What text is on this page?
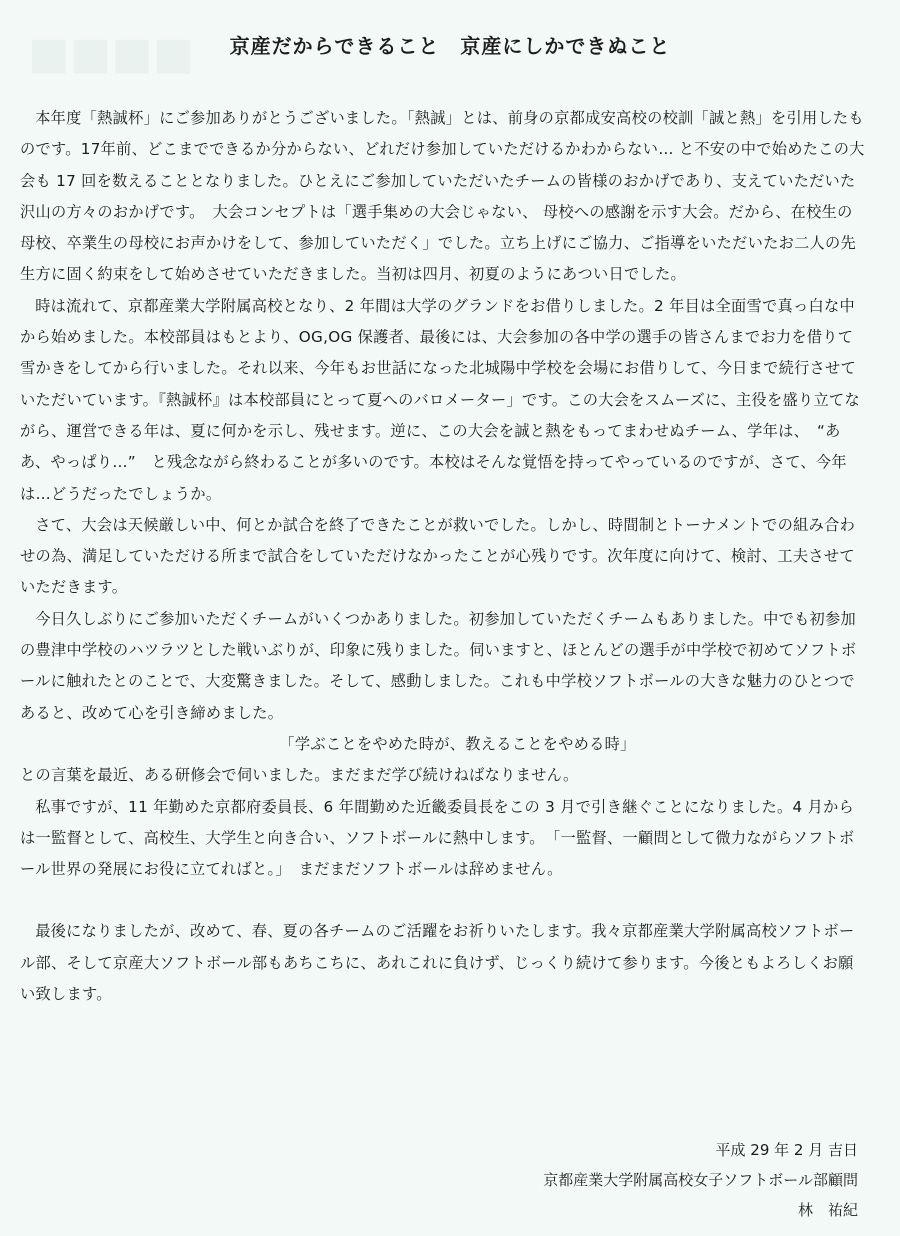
■■■■	京産だからできること　京産にしかできぬこと

本年度「熱誠杯」にご参加ありがとうございました。「熱誠」とは、前身の京都成安高校の校訓「誠と熱」を引用したものです。17年前、どこまでできるか分からない、どれだけ参加していただけるかわからない… と不安の中で始めたこの大会も 17 回を数えることとなりました。ひとえにご参加していただいたチームの皆様のおかげであり、支えていただいた沢山の方々のおかげです。　大会コンセプトは「選手集めの大会じゃない、 母校への感謝を示す大会。だから、在校生の母校、卒業生の母校にお声かけをして、参加していただく」でした。立ち上げにご協力、ご指導をいただいたお二人の先生方に固く約束をして始めさせていただきました。当初は四月、初夏のようにあつい日でした。

時は流れて、京都産業大学附属高校となり、2 年間は大学のグランドをお借りしました。2 年目は全面雪で真っ白な中から始めました。本校部員はもとより、OG,OG 保護者、最後には、大会参加の各中学の選手の皆さんまでお力を借りて雪かきをしてから行いました。それ以来、今年もお世話になった北城陽中学校を会場にお借りして、今日まで続行させていただいています。『熱誠杯』は本校部員にとって夏へのバロメーター」です。この大会をスムーズに、主役を盛り立てながら、運営できる年は、夏に何かを示し、残せます。逆に、この大会を誠と熱をもってまわせぬチーム、学年は、　“ああ、やっぱり…”　と残念ながら終わることが多いのです。本校はそんな覚悟を持ってやっているのですが、さて、今年は…どうだったでしょうか。

さて、大会は天候厳しい中、何とか試合を終了できたことが救いでした。しかし、時間制とトーナメントでの組み合わせの為、満足していただける所まで試合をしていただけなかったことが心残りです。次年度に向けて、検討、工夫させていただきます。

今日久しぶりにご参加いただくチームがいくつかありました。初参加していただくチームもありました。中でも初参加の豊津中学校のハツラツとした戦いぶりが、印象に残りました。伺いますと、ほとんどの選手が中学校で初めてソフトボールに触れたとのことで、大変驚きました。そして、感動しました。これも中学校ソフトボールの大きな魅力のひとつであると、改めて心を引き締めました。

「学ぶことをやめた時が、教えることをやめる時」

との言葉を最近、ある研修会で伺いました。まだまだ学び続けねばなりません。

私事ですが、11 年勤めた京都府委員長、6 年間勤めた近畿委員長をこの 3 月で引き継ぐことになりました。4 月からは一監督として、高校生、大学生と向き合い、ソフトボールに熱中します。　「一監督、一顧問として微力ながらソフトボール世界の発展にお役に立てればと。」　まだまだソフトボールは辞めません。

最後になりましたが、改めて、春、夏の各チームのご活躍をお祈りいたします。我々京都産業大学附属高校ソフトボール部、そして京産大ソフトボール部もあちこちに、あれこれに負けず、じっくり続けて参ります。今後ともよろしくお願い致します。

平成 29 年 2 月 吉日
京都産業大学附属高校女子ソフトボール部顧問
林　祐紀
